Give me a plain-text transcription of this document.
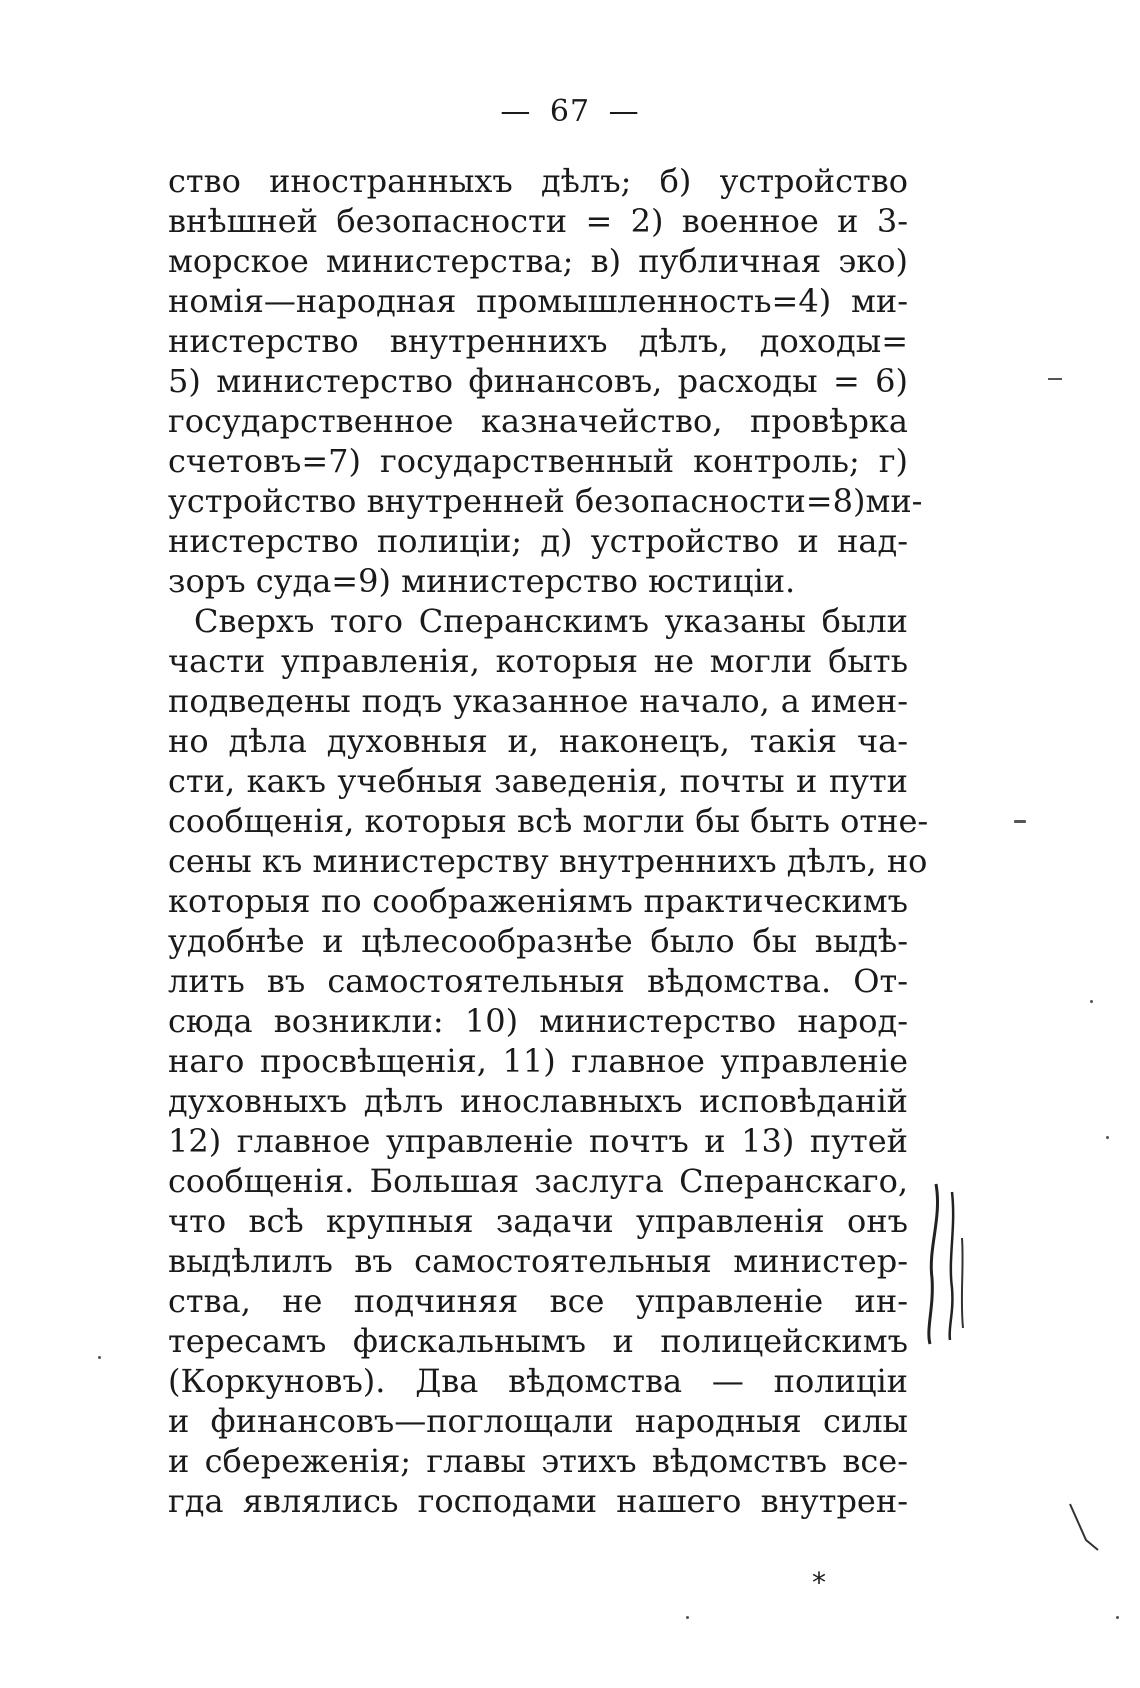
— 67 —
ство иностранныхъ дѣлъ; б) устройство
внѣшней безопасности = 2) военное и 3-
морское министерства; в) публичная эко)
номія—народная промышленность=4) ми-
нистерство внутреннихъ дѣлъ, доходы=
5) министерство финансовъ, расходы = 6)
государственное казначейство, провѣрка
счетовъ=7) государственный контроль; г)
устройство внутренней безопасности=8)ми-
нистерство полиціи; д) устройство и над-
зоръ суда=9) министерство юстиціи.
Сверхъ того Сперанскимъ указаны были
части управленія, которыя не могли быть
подведены подъ указанное начало, а имен-
но дѣла духовныя и, наконецъ, такія ча-
сти, какъ учебныя заведенія, почты и пути
сообщенія, которыя всѣ могли бы быть отне-
сены къ министерству внутреннихъ дѣлъ, но
которыя по соображеніямъ практическимъ
удобнѣе и цѣлесообразнѣе было бы выдѣ-
лить въ самостоятельныя вѣдомства. От-
сюда возникли: 10) министерство народ-
наго просвѣщенія, 11) главное управленіе
духовныхъ дѣлъ инославныхъ исповѣданій
12) главное управленіе почтъ и 13) путей
сообщенія. Большая заслуга Сперанскаго,
что всѣ крупныя задачи управленія онъ
выдѣлилъ въ самостоятельныя министер-
ства, не подчиняя все управленіе ин-
тересамъ фискальнымъ и полицейскимъ
(Коркуновъ). Два вѣдомства — полиціи
и финансовъ—поглощали народныя силы
и сбереженія; главы этихъ вѣдомствъ все-
гда являлись господами нашего внутрен-
*
